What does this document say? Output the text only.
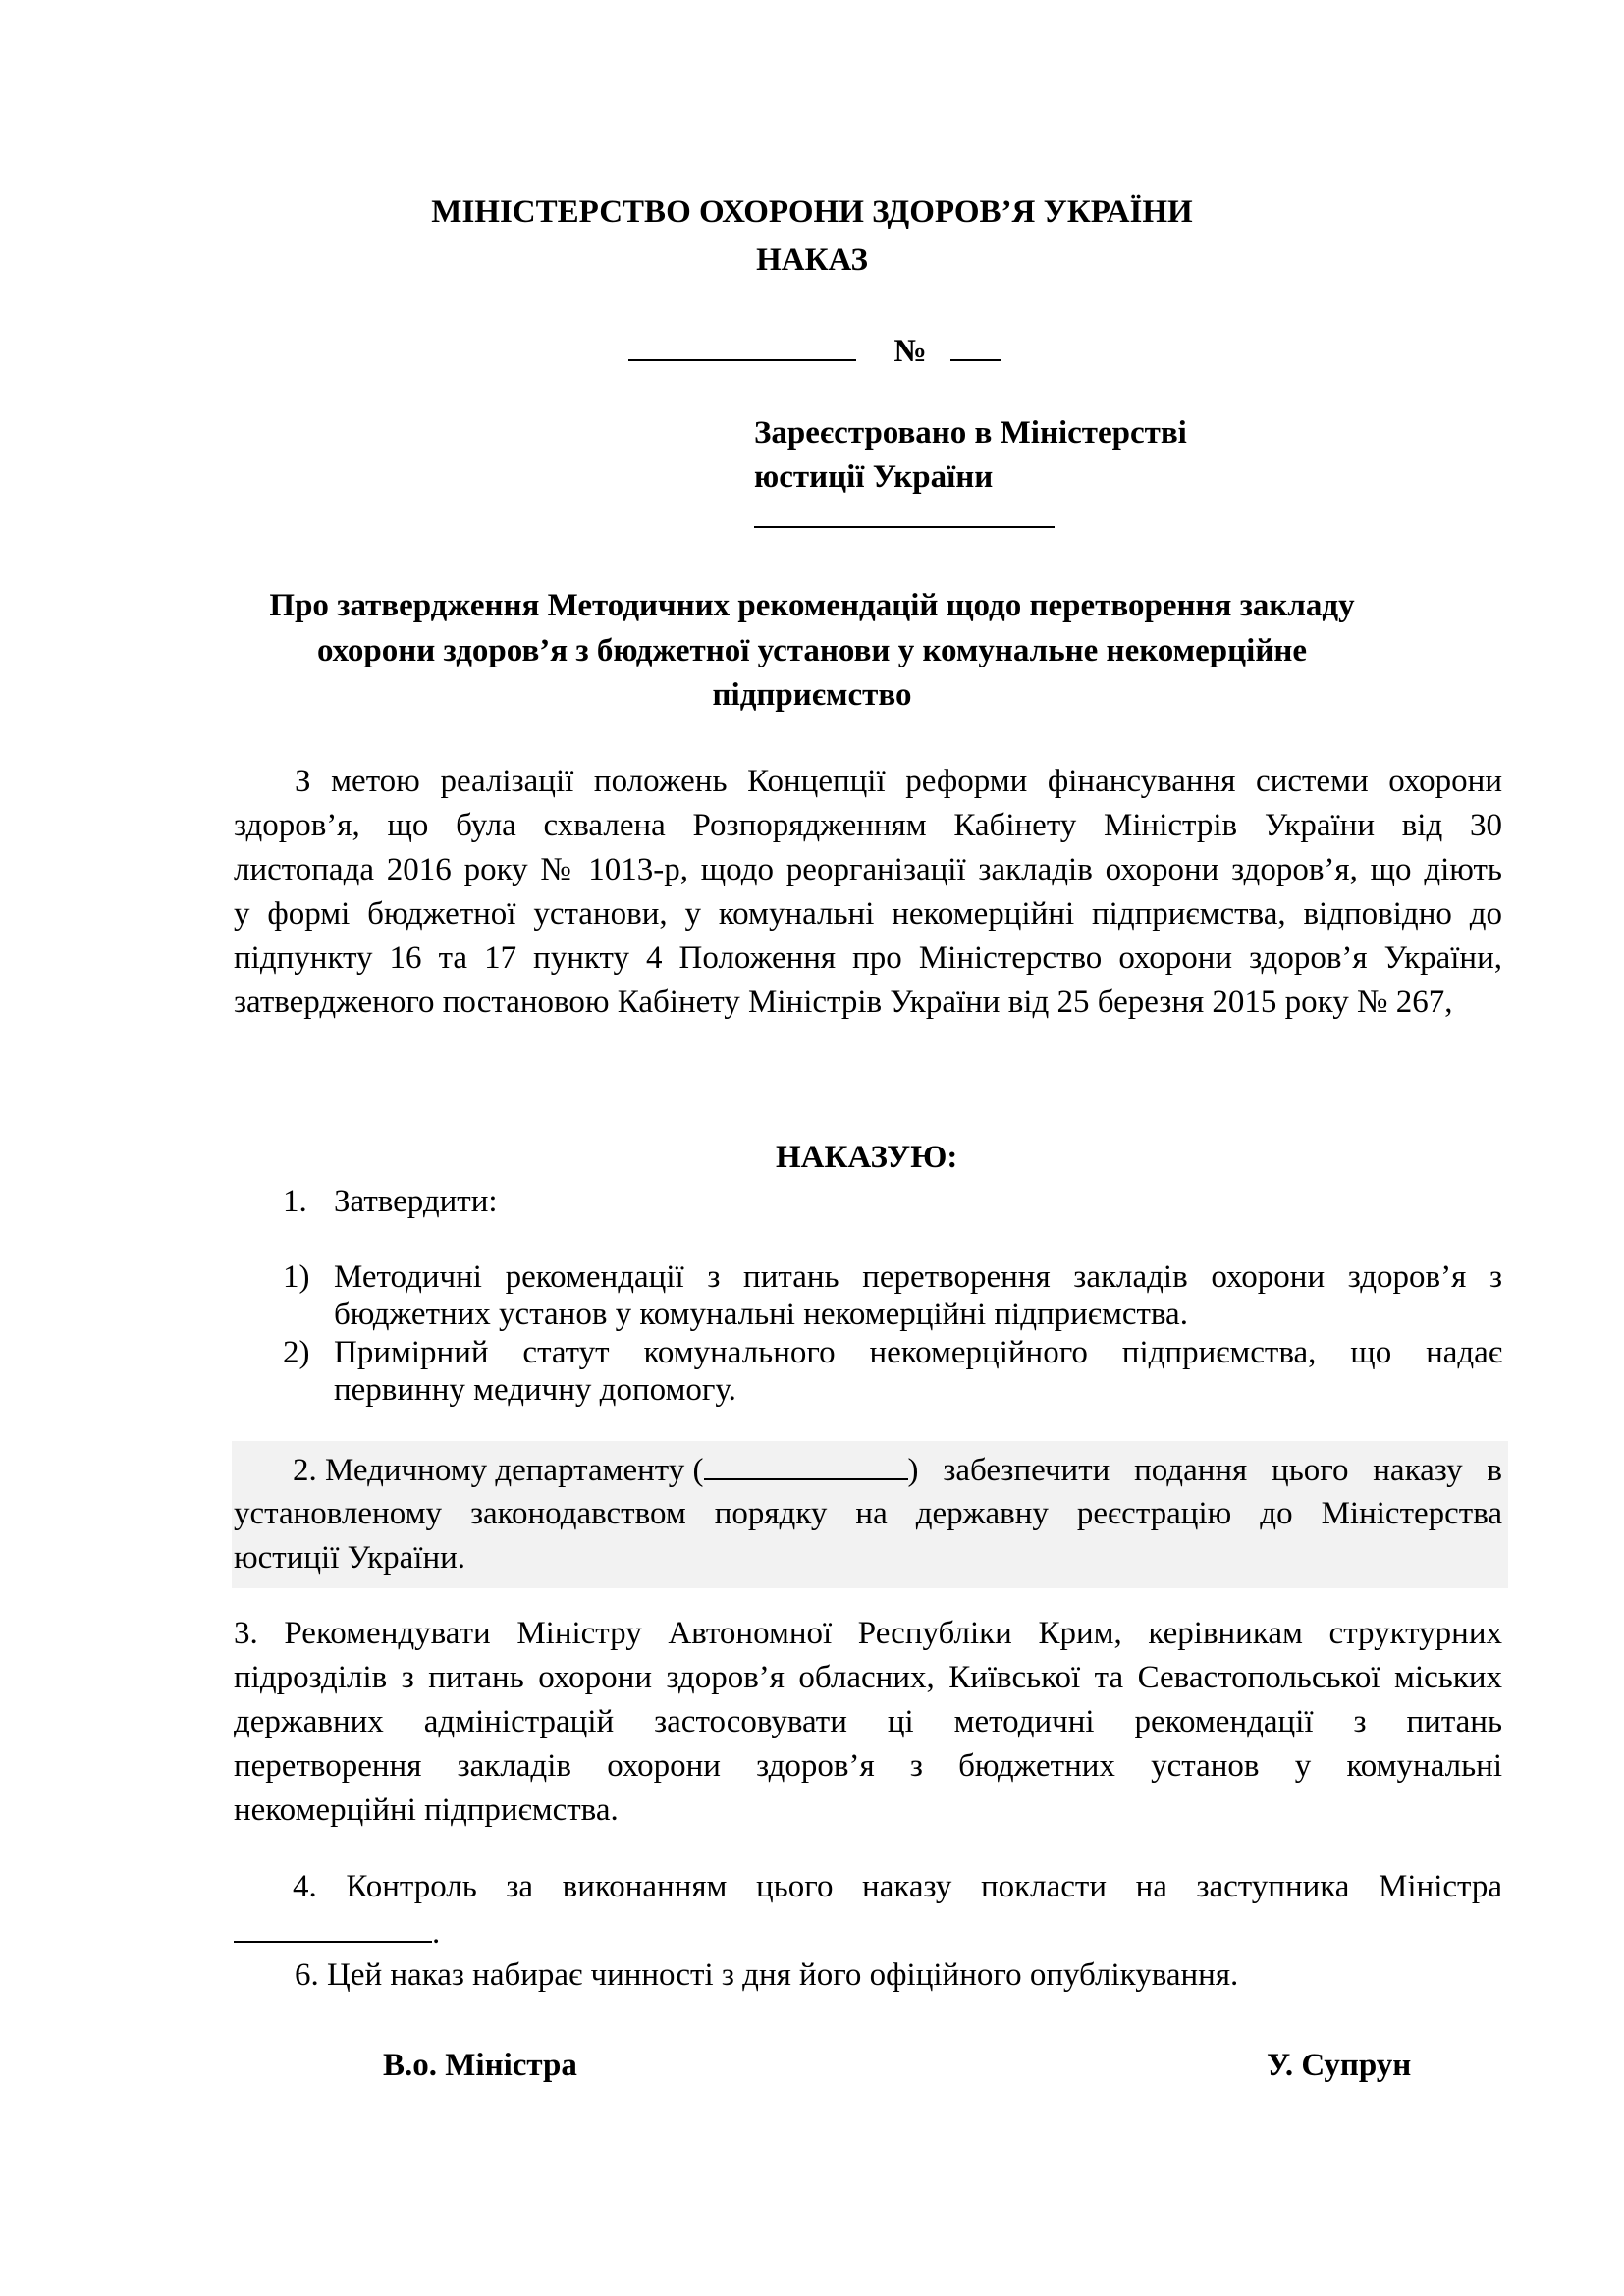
МІНІСТЕРСТВО ОХОРОНИ ЗДОРОВ’Я УКРАЇНИ
НАКАЗ
№
Зареєстровано в Міністерстві
юстиції України
Про затвердження Методичних рекомендацій щодо перетворення закладу
охорони здоров’я з бюджетної установи у комунальне некомерційне
підприємство
З метою реалізації положень Концепції реформи фінансування системи охорони
здоров’я, що була схвалена Розпорядженням Кабінету Міністрів України від 30
листопада 2016 року № 1013-р, щодо реорганізації закладів охорони здоров’я, що діють
у формі бюджетної установи, у комунальні некомерційні підприємства, відповідно до
підпункту 16 та 17 пункту 4 Положення про Міністерство охорони здоров’я України,
затвердженого постановою Кабінету Міністрів України від 25 березня 2015 року № 267,
НАКАЗУЮ:
1. Затвердити:
1) Методичні рекомендації з питань перетворення закладів охорони здоров’я з
бюджетних установ у комунальні некомерційні підприємства.
2) Примірний статут комунального некомерційного підприємства, що надає
первинну медичну допомогу.
2. Медичному департаменту (	) забезпечити подання цього наказу в
установленому законодавством порядку на державну реєстрацію до Міністерства
юстиції України.
3. Рекомендувати Міністру Автономної Республіки Крим, керівникам структурних
підрозділів з питань охорони здоров’я обласних, Київської та Севастопольської міських
державних адміністрацій застосовувати ці методичні рекомендації з питань
перетворення закладів охорони здоров’я з бюджетних установ у комунальні
некомерційні підприємства.
4. Контроль за виконанням цього наказу покласти на заступника Міністра
.
6. Цей наказ набирає чинності з дня його офіційного опублікування.
В.о. Міністра	У. Супрун
